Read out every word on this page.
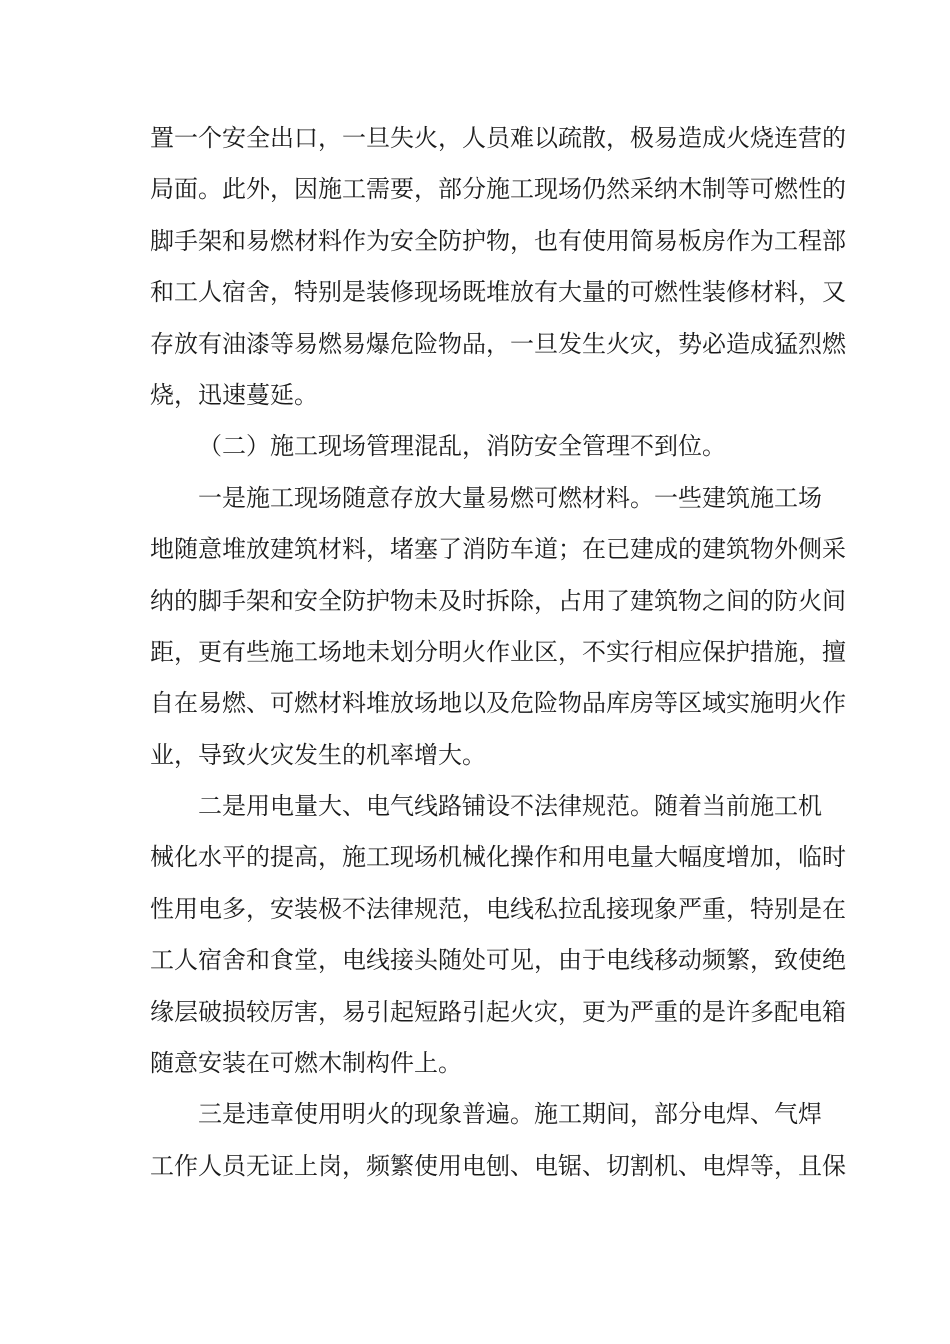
置一个安全出口，一旦失火，人员难以疏散，极易造成火烧连营的
局面。此外，因施工需要，部分施工现场仍然采纳木制等可燃性的
脚手架和易燃材料作为安全防护物，也有使用简易板房作为工程部
和工人宿舍，特别是装修现场既堆放有大量的可燃性装修材料，又
存放有油漆等易燃易爆危险物品，一旦发生火灾，势必造成猛烈燃
烧，迅速蔓延。
（二）施工现场管理混乱，消防安全管理不到位。
一是施工现场随意存放大量易燃可燃材料。一些建筑施工场
地随意堆放建筑材料，堵塞了消防车道；在已建成的建筑物外侧采
纳的脚手架和安全防护物未及时拆除，占用了建筑物之间的防火间
距，更有些施工场地未划分明火作业区，不实行相应保护措施，擅
自在易燃、可燃材料堆放场地以及危险物品库房等区域实施明火作
业，导致火灾发生的机率增大。
二是用电量大、电气线路铺设不法律规范。随着当前施工机
械化水平的提高，施工现场机械化操作和用电量大幅度增加，临时
性用电多，安装极不法律规范，电线私拉乱接现象严重，特别是在
工人宿舍和食堂，电线接头随处可见，由于电线移动频繁，致使绝
缘层破损较厉害，易引起短路引起火灾，更为严重的是许多配电箱
随意安装在可燃木制构件上。
三是违章使用明火的现象普遍。施工期间，部分电焊、气焊
工作人员无证上岗，频繁使用电刨、电锯、切割机、电焊等，且保
